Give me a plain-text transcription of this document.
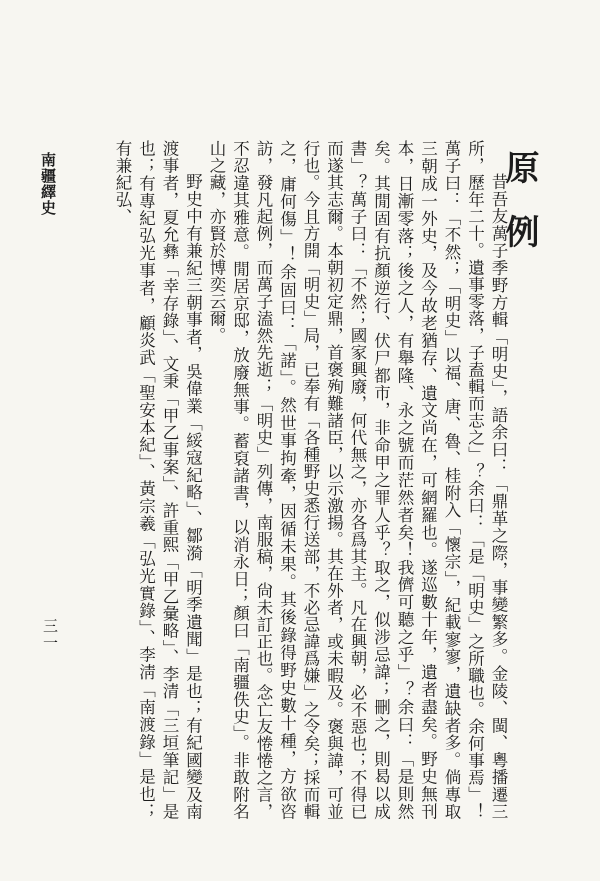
南疆繹史
三一
原例

昔吾友萬子季野方輯「明史」，語余曰：「鼎革之際，事變繁多。金陵、閩、粵播遷三所，歷年二十。遺事零落，子盍輯而志之」？余曰：「是「明史」之所職也。余何事焉」！萬子曰：「不然；「明史」以福、唐、魯、桂附入「懷宗」，紀載寥寥，遺缺者多。倘專取三朝成一外史，及今故老猶存、遺文尚在，可網羅也。遂巡數十年，遺者盡矣。野史無刊本，日漸零落；後之人，有舉隆、永之號而茫然者矣！我儕可聽之乎」？余曰：「是則然矣。其閒固有抗顏逆行、伏尸都市，非命甲之罪人乎？取之，似涉忌諱；刪之，則曷以成書」？萬子曰：「不然；國家興廢，何代無之，亦各爲其主。凡在興朝，必不惡也；不得已而遂其志爾。本朝初定鼎，首褒殉難諸臣，以示激揚。其在外者，或未暇及。褒與諱，可並行也。今且方開「明史」局，已奉有「各種野史悉行送部，不必忌諱爲嫌」之令矣；採而輯之，庸何傷」！余固曰：「諾」。然世事拘牽，因循未果。其後錄得野史數十種，方欲咨訪，發凡起例，而萬子溘然先逝；「明史」列傳，南服稿，尙未訂正也。念亡友惓惓之言，不忍違其雅意。閒居京邸，放廢無事。蓄裒諸書，以消永日；顏曰「南疆佚史」。非敢附名山之藏，亦賢於博奕云爾。

野史中有兼紀三朝事者，吳偉業「綏寇紀略」、鄒漪「明季遺聞」是也；有紀國變及南渡事者，夏允彝「幸存錄」、文秉「甲乙事案」、許重熙「甲乙彙略」、李清「三垣筆記」是也；有專紀弘光事者，顧炎武「聖安本紀」、黃宗羲「弘光實錄」、李淸「南渡錄」是也；有兼紀弘、
